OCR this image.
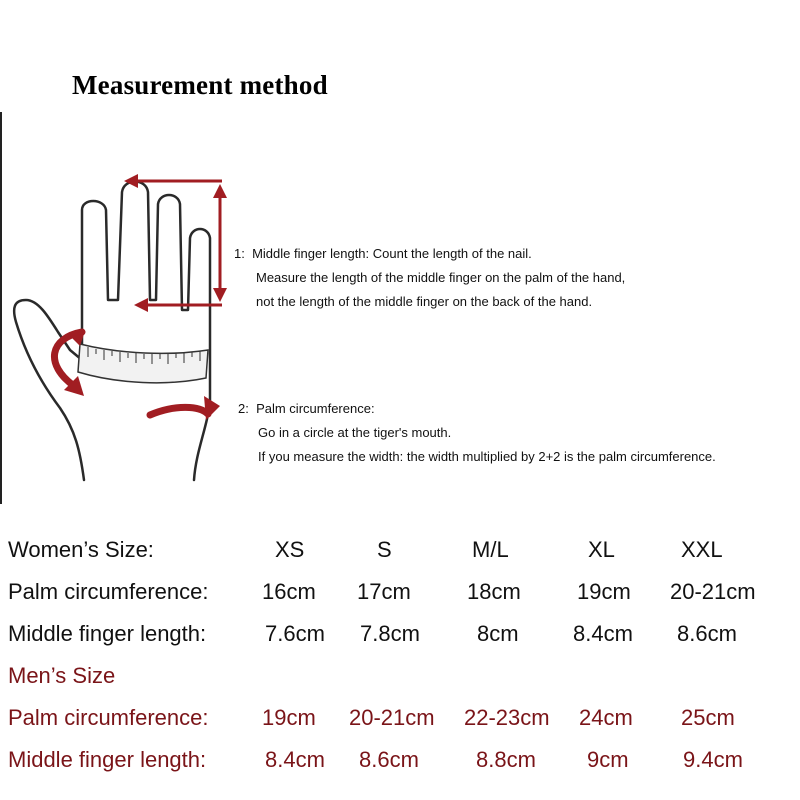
Measurement method
1: Middle finger length: Count the length of the nail.
Measure the length of the middle finger on the palm of the hand,
not the length of the middle finger on the back of the hand.
2: Palm circumference:
Go in a circle at the tiger's mouth.
If you measure the width: the width multiplied by 2+2 is the palm circumference.
Women’s Size:	XS	S	M/L	XL	XXL
Palm circumference: 16cm 17cm	18cm	19cm 20-21cm
Middle finger length:	7.6cm 7.8cm	8cm 8.4cm 8.6cm
Men’s Size
Palm circumference: 19cm 20-21cm 22-23cm 24cm 25cm
Middle finger length:	8.4cm 8.6cm	8.8cm 9cm 9.4cm
